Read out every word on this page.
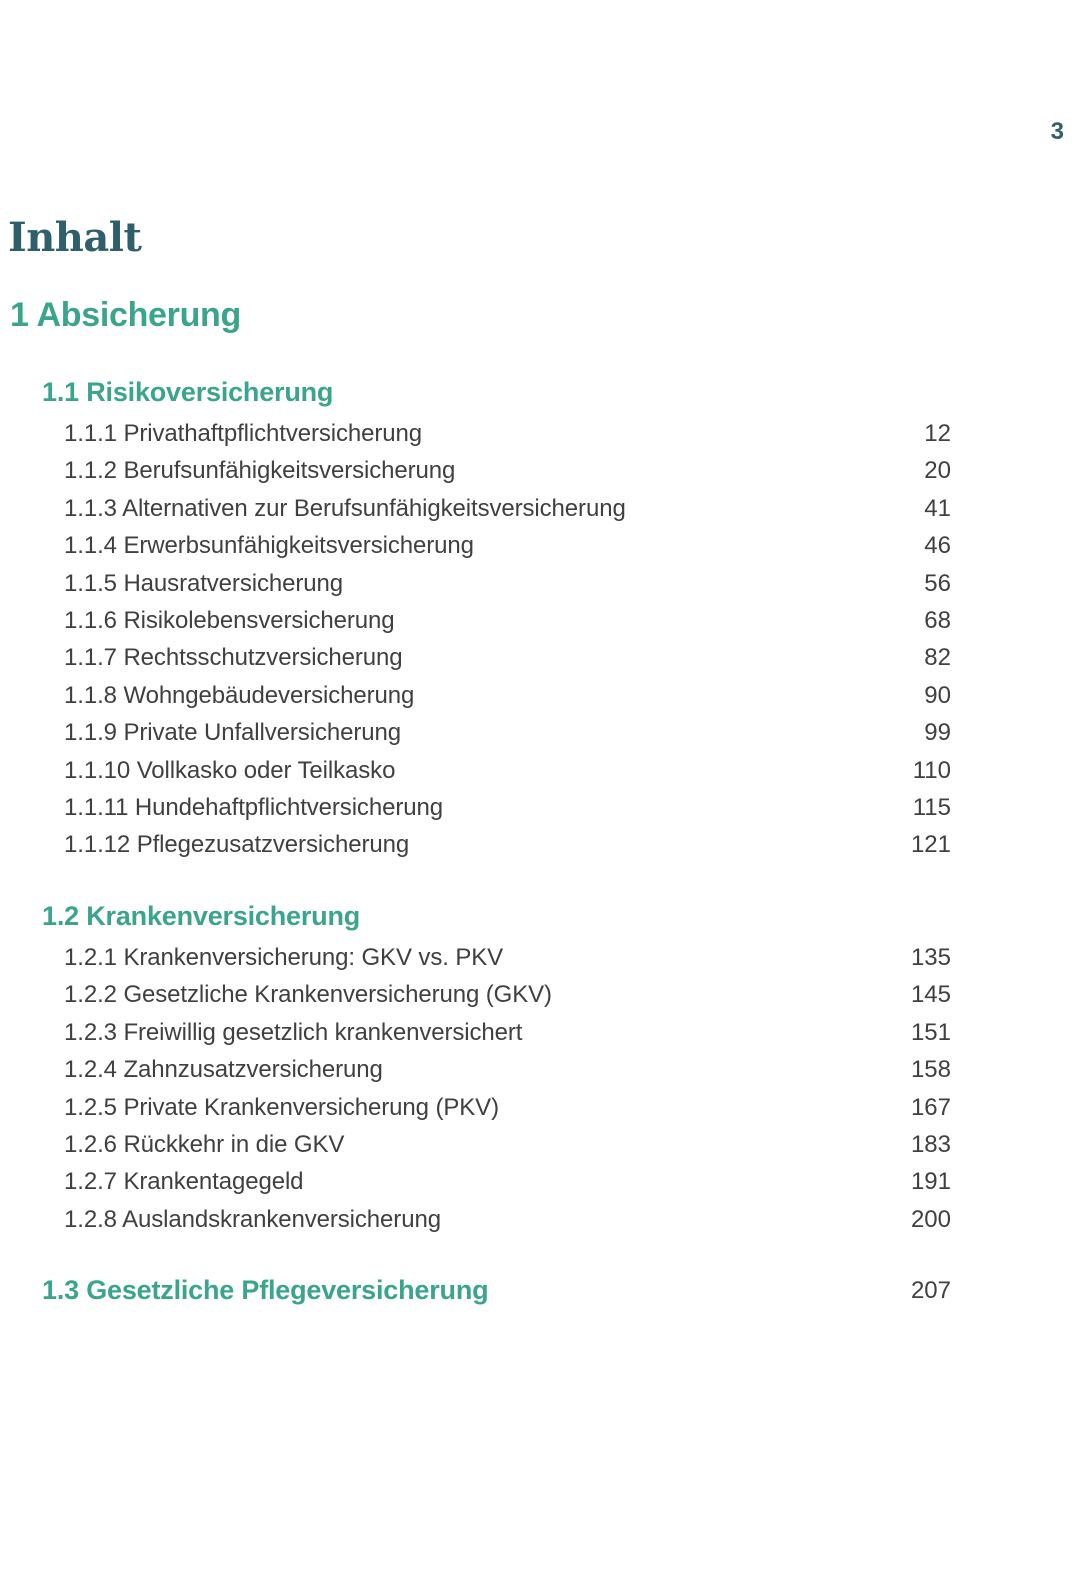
3
Inhalt
1 Absicherung
1.1 Risikoversicherung
1.1.1 Privathaftpflichtversicherung	12
1.1.2 Berufsunfähigkeitsversicherung	20
1.1.3 Alternativen zur Berufsunfähigkeitsversicherung	41
1.1.4 Erwerbsunfähigkeitsversicherung	46
1.1.5 Hausratversicherung	56
1.1.6 Risikolebensversicherung	68
1.1.7 Rechtsschutzversicherung	82
1.1.8 Wohngebäudeversicherung	90
1.1.9 Private Unfallversicherung	99
1.1.10 Vollkasko oder Teilkasko	110
1.1.11 Hundehaftpflichtversicherung	115
1.1.12 Pflegezusatzversicherung	121
1.2 Krankenversicherung
1.2.1 Krankenversicherung: GKV vs. PKV	135
1.2.2 Gesetzliche Krankenversicherung (GKV)	145
1.2.3 Freiwillig gesetzlich krankenversichert	151
1.2.4 Zahnzusatzversicherung	158
1.2.5 Private Krankenversicherung (PKV)	167
1.2.6 Rückkehr in die GKV	183
1.2.7 Krankentagegeld	191
1.2.8 Auslandskrankenversicherung	200
1.3 Gesetzliche Pflegeversicherung	207
